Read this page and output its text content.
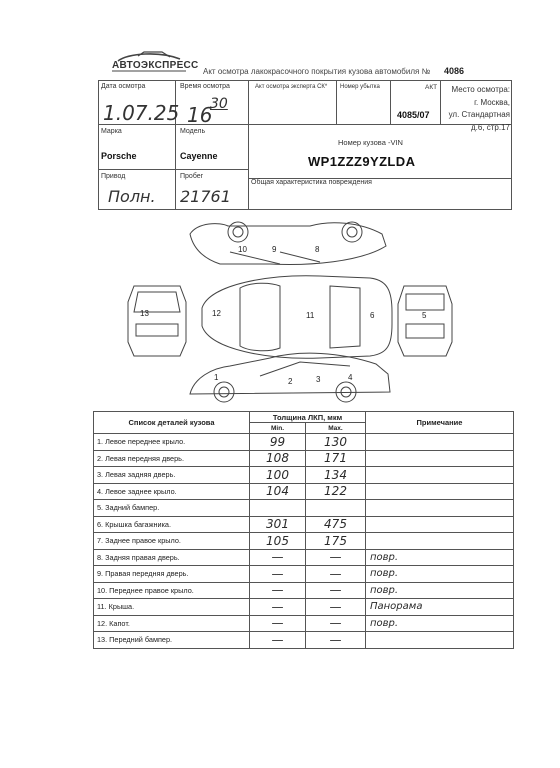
АВТОЭКСПРЕСС
Акт осмотра лакокрасочного покрытия кузова автомобиля № 4086
Дата осмотра
1.07.25
Время осмотра
16
30
Акт осмотра эксперта СК* Номер убытка	АКТ
4085/07
Место осмотра:
г. Москва,
ул. Стандартная
д.6, стр.17
Марка
Porsche
Модель
Cayenne
Номер кузова -VIN
WP1ZZZ9YZLDA
Привод
Полн.
Пробег
21761
Общая характеристика повреждения
10	9	8
13	12	11	6	5
2	3	4
1
Список деталей кузова	Толщина ЛКП, мкм		Примечание
	Min.	Max.	
1. Левое переднее крыло.	99	130	
2. Левая передняя дверь.	108	171	
3. Левая задняя дверь.	100	134	
4. Левое заднее крыло.	104	122	
5. Задний бампер.			
6. Крышка багажника.	301	475	
7. Заднее правое крыло.	105	175	
8. Задняя правая дверь.	—	—	повр.
9. Правая передняя дверь.	—	—	повр.
10. Переднее правое крыло.	—	—	повр.
11. Крыша.	—	—	Панорама
12. Капот.	—	—	повр.
13. Передний бампер.	—	—	
